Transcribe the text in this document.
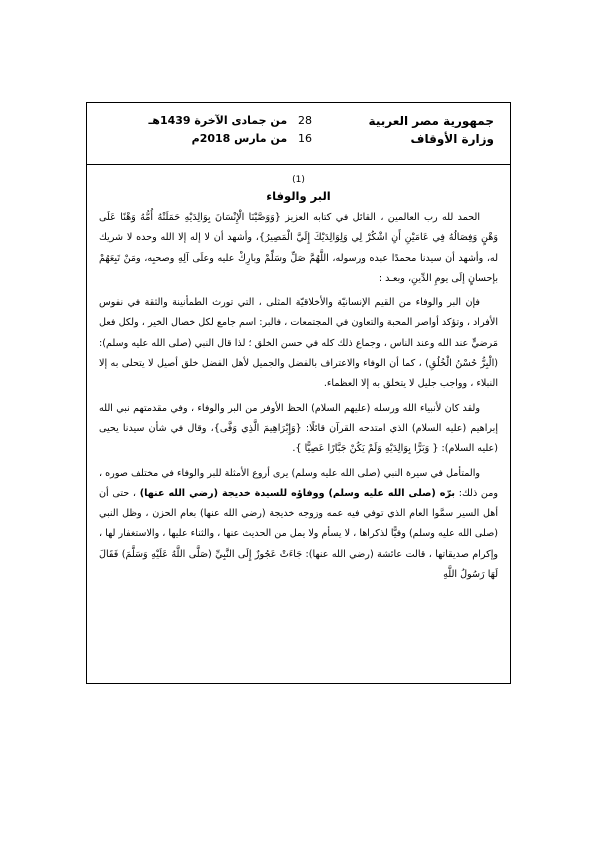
جمهورية مصر العربية
وزارة الأوقاف
28 من جمادى الآخرة 1439هـ
16 من مارس 2018م

(1)

البر والوفاء

الحمد لله رب العالمين ، القائل في كتابه العزيز {وَوَصَّيْنَا الْإِنْسَانَ بِوَالِدَيْهِ حَمَلَتْهُ أُمُّهُ وَهْنًا عَلَى وَهْنٍ وَفِصَالُهُ فِي عَامَيْنِ أَنِ اشْكُرْ لِي وَلِوَالِدَيْكَ إِلَيَّ الْمَصِيرُ}، وأشهد أن لا إله إلا الله وحده لا شريك له، وأشهد أن سيدنا محمدًا عبده ورسوله، اللَّهُمَّ صَلِّ وسَلِّمْ وبارِكْ عليه وعلَى آلِهِ وصحبِه، ومَنْ تَبِعَهُمْ بإحسانٍ إلَى يومِ الدِّينِ، وبعـد :

فإن البر والوفاء من القيم الإنسانيّة والأخلاقيّة المثلى ، التي تورث الطمأنينة والثقة في نفوس الأفراد ، وتؤكد أواصر المحبة والتعاون في المجتمعات ، فالبر: اسم جامع لكل خصال الخير ، ولكل فعل مَرضيٍّ عند الله وعند الناس ، وجماع ذلك كله في حسن الخلق ؛ لذا قال النبي (صلى الله عليه وسلم): (الْبِرُّ حُسْنُ الْخُلُقِ) ، كما أن الوفاء والاعتراف بالفضل والجميل لأهل الفضل خلق أصيل لا يتحلى به إلا النبلاء ، وواجب جليل لا يتخلق به إلا العظماء.

ولقد كان لأنبياء الله ورسله (عليهم السلام) الحظ الأوفر من البر والوفاء ، وفي مقدمتهم نبي الله إبراهيم (عليه السلام) الذي امتدحه القرآن قائلًا: {وَإِبْرَاهِيمَ الَّذِي وَفَّى}، وقال في شأن سيدنا يحيى (عليه السلام): { وَبَرًّا بِوَالِدَيْهِ وَلَمْ يَكُنْ جَبَّارًا عَصِيًّا }.

والمتأمل في سيرة النبي (صلى الله عليه وسلم) يرى أروع الأمثلة للبر والوفاء في مختلف صوره ، ومن ذلك: برّه (صلى الله عليه وسلم) ووفاؤه للسيدة خديجة (رضي الله عنها) ، حتى أن أهل السير سمَّوا العام الذي توفي فيه عمه وزوجه خديجة (رضي الله عنها) بعام الحزن ، وظل النبي (صلى الله عليه وسلم) وفيًّا لذكراها ، لا يسأم ولا يمل من الحديث عنها ، والثناء عليها ، والاستغفار لها ، وإكرام صديقاتها ، قالت عائشة (رضي الله عنها): جَاءَتْ عَجُوزٌ إِلَى النَّبِيِّ (صَلَّى اللَّهُ عَلَيْهِ وَسَلَّمَ) فَقَالَ لَهَا رَسُولُ اللَّهِ
